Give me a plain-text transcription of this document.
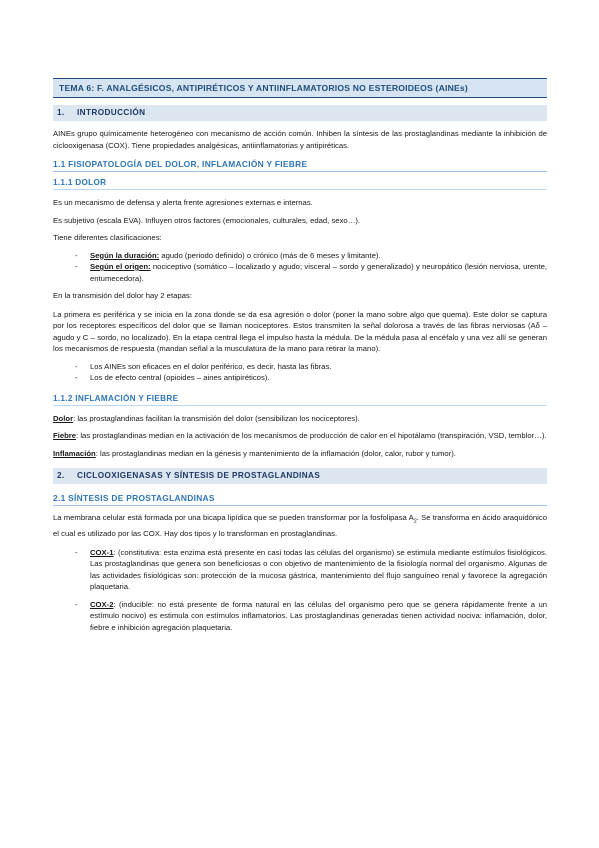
TEMA 6: F. ANALGÉSICOS, ANTIPIRÉTICOS Y ANTIINFLAMATORIOS NO ESTEROIDEOS (AINEs)
1. INTRODUCCIÓN

AINEs grupo químicamente heterogéneo con mecanismo de acción común. Inhiben la síntesis de las prostaglandinas mediante la inhibición de ciclooxigenasa (COX). Tiene propiedades analgésicas, antiinflamatorias y antipiréticas.

1.1 FISIOPATOLOGÍA DEL DOLOR, INFLAMACIÓN Y FIEBRE
1.1.1 DOLOR

Es un mecanismo de defensa y alerta frente agresiones externas e internas.

Es subjetivo (escala EVA). Influyen otros factores (emocionales, culturales, edad, sexo…).

Tiene diferentes clasificaciones:

- Según la duración: agudo (periodo definido) o crónico (más de 6 meses y limitante).
- Según el origen: nociceptivo (somático – localizado y agudo; visceral – sordo y generalizado) y neuropático (lesión nerviosa, urente, entumecedora).

En la transmisión del dolor hay 2 etapas:

La primera es periférica y se inicia en la zona donde se da esa agresión o dolor (poner la mano sobre algo que quema). Este dolor se captura por los receptores específicos del dolor que se llaman nociceptores. Estos transmiten la señal dolorosa a través de las fibras nerviosas (Aδ – agudo y C – sordo, no localizado). En la etapa central llega el impulso hasta la médula. De la médula pasa al encéfalo y una vez allí se generan los mecanismos de respuesta (mandan señal a la musculatura de la mano para retirar la mano).

- Los AINEs son eficaces en el dolor periférico, es decir, hasta las fibras.
- Los de efecto central (opioides – aines antipiréticos).
1.1.2 INFLAMACIÓN Y FIEBRE

Dolor: las prostaglandinas facilitan la transmisión del dolor (sensibilizan los nociceptores).

Fiebre: las prostaglandinas median en la activación de los mecanismos de producción de calor en el hipotálamo (transpiración, VSD, temblor…).

Inflamación: las prostaglandinas median en la génesis y mantenimiento de la inflamación (dolor, calor, rubor y tumor).

2. CICLOOXIGENASAS Y SÍNTESIS DE PROSTAGLANDINAS
2.1 SÍNTESIS DE PROSTAGLANDINAS

La membrana celular está formada por una bicapa lipídica que se pueden transformar por la fosfolipasa $A_2$. Se transforma en ácido araquidónico el cual es utilizado por las COX. Hay dos tipos y lo transforman en prostaglandinas.

- COX-1: (constitutiva: esta enzima está presente en casi todas las células del organismo) se estimula mediante estímulos fisiológicos. Las prostaglandinas que genera son beneficiosas o con objetivo de mantenimiento de la fisiología normal del organismo. Algunas de las actividades fisiológicas son: protección de la mucosa gástrica, mantenimiento del flujo sanguíneo renal y favorece la agregación plaquetaria.
- COX-2: (inducible: no está presente de forma natural en las células del organismo pero que se genera rápidamente frente a un estímulo nocivo) es estimula con estímulos inflamatorios. Las prostaglandinas generadas tienen actividad nociva: inflamación, dolor, fiebre e inhibición agregación plaquetaria.
